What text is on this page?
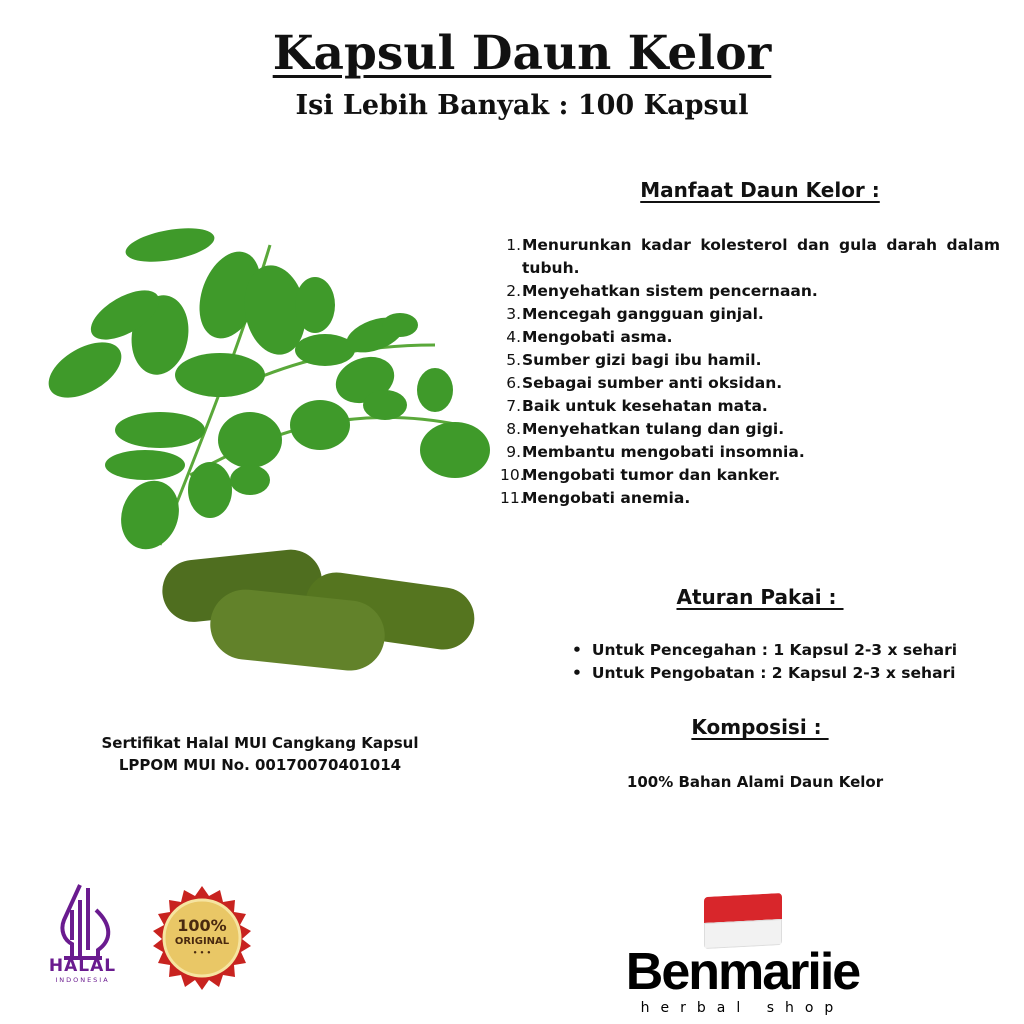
Kapsul Daun Kelor
Isi Lebih Banyak : 100 Kapsul
Manfaat Daun Kelor :
1. Menurunkan kadar kolesterol dan gula darah dalam tubuh.
2. Menyehatkan sistem pencernaan.
3. Mencegah gangguan ginjal.
4. Mengobati asma.
5. Sumber gizi bagi ibu hamil.
6. Sebagai sumber anti oksidan.
7. Baik untuk kesehatan mata.
8. Menyehatkan tulang dan gigi.
9. Membantu mengobati insomnia.
10.
Mengobati tumor dan kanker.
11.
Mengobati anemia.
Aturan Pakai :
• Untuk Pencegahan : 1 Kapsul 2-3 x sehari
• Untuk Pengobatan : 2 Kapsul 2-3 x sehari
Komposisi :
100% Bahan Alami Daun Kelor
Sertifikat Halal MUI Cangkang Kapsul
LPPOM MUI No. 00170070401014
HALAL
INDONESIA
100%
ORIGINAL
• • •	Benmariie
herbal shop
